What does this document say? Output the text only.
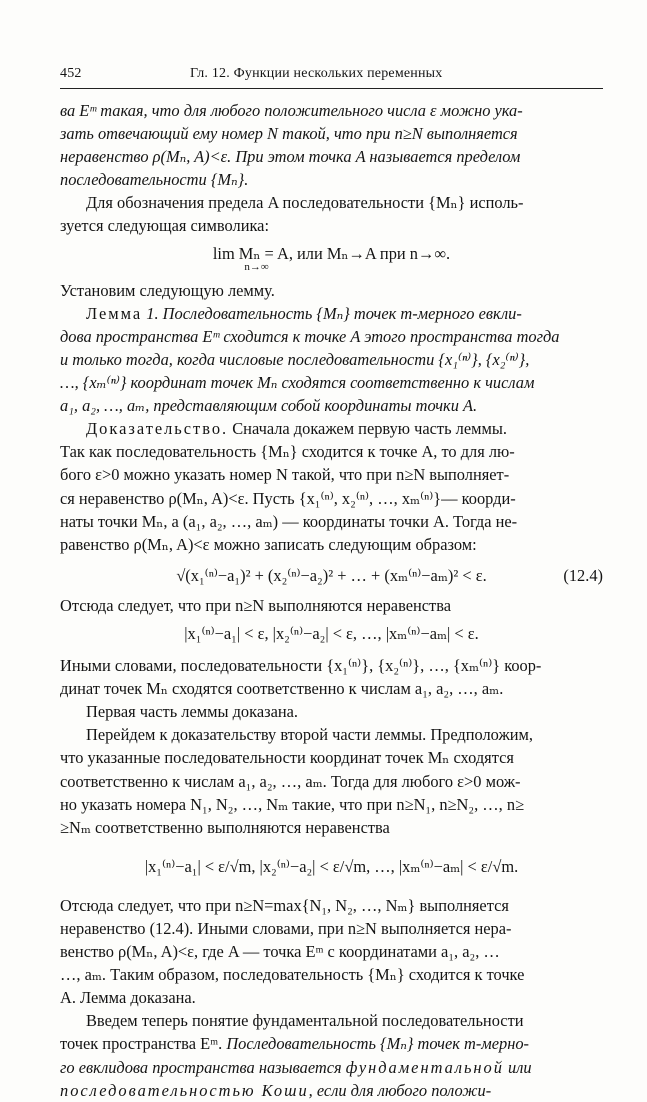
452	Гл. 12. Функции нескольких переменных

ва Eᵐ такая, что для любого положительного числа ε можно ука-

зать отвечающий ему номер N такой, что при n≥N выполняется

неравенство ρ(Mₙ, A)<ε. При этом точка A называется пределом

последовательности {Mₙ}.

Для обозначения предела A последовательности {Mₙ} исполь-

зуется следующая символика:

lim Mₙ = A, или Mₙ→A при n→∞.

n→∞

Установим следующую лемму.

Лемма 1. Последовательность {Mₙ} точек m-мерного евкли-

дова пространства Eᵐ сходится к точке A этого пространства тогда

и только тогда, когда числовые последовательности {x₁⁽ⁿ⁾}, {x₂⁽ⁿ⁾},

…, {xₘ⁽ⁿ⁾} координат точек Mₙ сходятся соответственно к числам

a₁, a₂, …, aₘ, представляющим собой координаты точки A.

Доказательство. Сначала докажем первую часть леммы.

Так как последовательность {Mₙ} сходится к точке A, то для лю-

бого ε>0 можно указать номер N такой, что при n≥N выполняет-

ся неравенство ρ(Mₙ, A)<ε. Пусть {x₁⁽ⁿ⁾, x₂⁽ⁿ⁾, …, xₘ⁽ⁿ⁾}— коорди-

наты точки Mₙ, а (a₁, a₂, …, aₘ) — координаты точки A. Тогда не-

равенство ρ(Mₙ, A)<ε можно записать следующим образом:

√(x₁⁽ⁿ⁾−a₁)² + (x₂⁽ⁿ⁾−a₂)² + … + (xₘ⁽ⁿ⁾−aₘ)² < ε.	(12.4)

Отсюда следует, что при n≥N выполняются неравенства

|x₁⁽ⁿ⁾−a₁| < ε, |x₂⁽ⁿ⁾−a₂| < ε, …, |xₘ⁽ⁿ⁾−aₘ| < ε.

Иными словами, последовательности {x₁⁽ⁿ⁾}, {x₂⁽ⁿ⁾}, …, {xₘ⁽ⁿ⁾} коор-

динат точек Mₙ сходятся соответственно к числам a₁, a₂, …, aₘ.

Первая часть леммы доказана.

Перейдем к доказательству второй части леммы. Предположим,

что указанные последовательности координат точек Mₙ сходятся

соответственно к числам a₁, a₂, …, aₘ. Тогда для любого ε>0 мож-

но указать номера N₁, N₂, …, Nₘ такие, что при n≥N₁, n≥N₂, …, n≥

≥Nₘ соответственно выполняются неравенства

|x₁⁽ⁿ⁾−a₁| < ε/√m, |x₂⁽ⁿ⁾−a₂| < ε/√m, …, |xₘ⁽ⁿ⁾−aₘ| < ε/√m.

Отсюда следует, что при n≥N=max{N₁, N₂, …, Nₘ} выполняется

неравенство (12.4). Иными словами, при n≥N выполняется нера-

венство ρ(Mₙ, A)<ε, где A — точка Eᵐ с координатами a₁, a₂, …

…, aₘ. Таким образом, последовательность {Mₙ} сходится к точке

A. Лемма доказана.

Введем теперь понятие фундаментальной последовательности

точек пространства Eᵐ. Последовательность {Mₙ} точек m-мерно-

го евклидова пространства называется фундаментальной или

последовательностью Коши, если для любого положи-
